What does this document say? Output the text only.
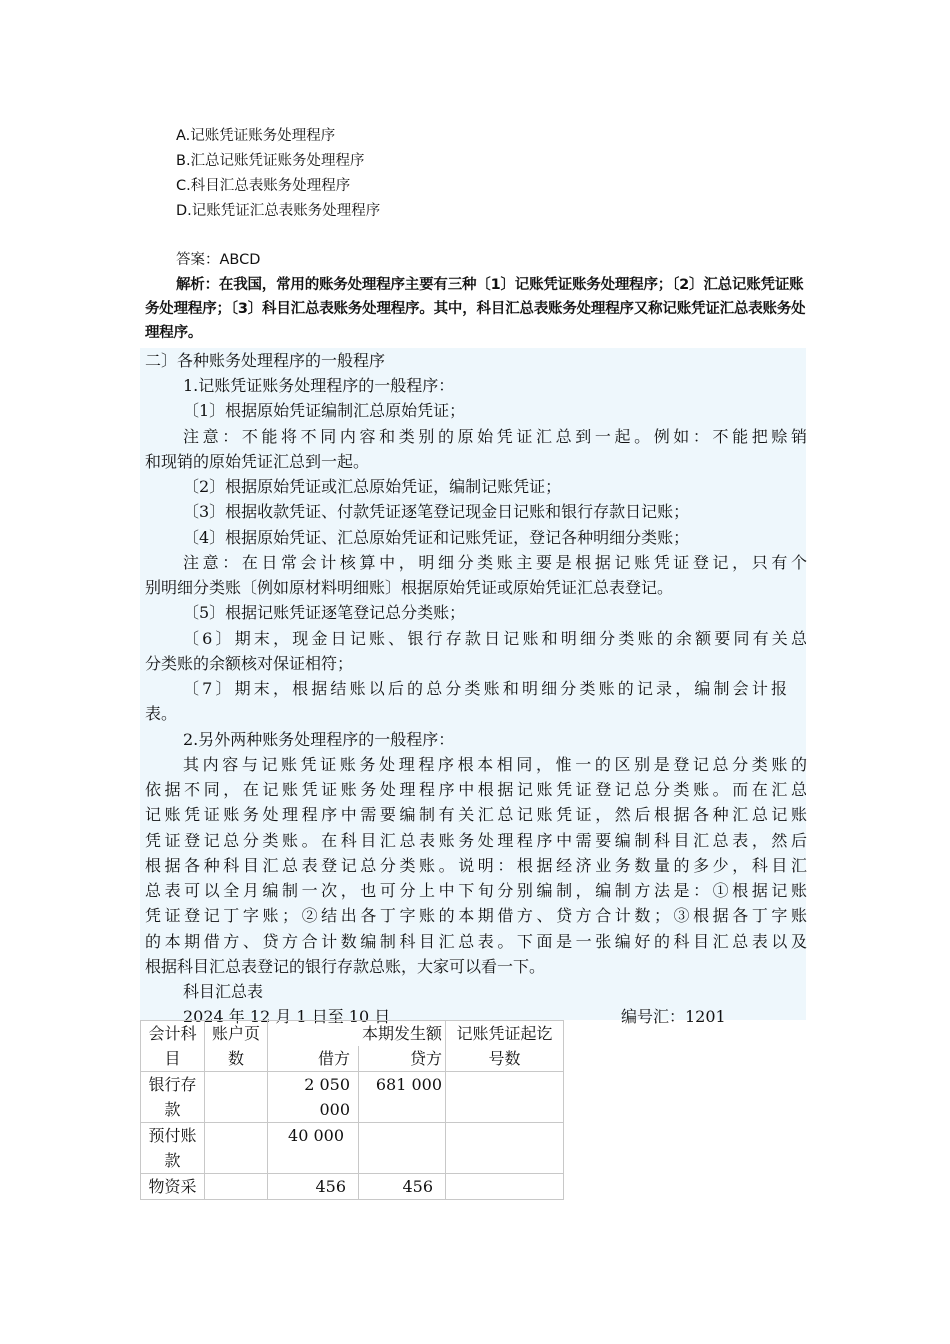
A.记账凭证账务处理程序
B.汇总记账凭证账务处理程序
C.科目汇总表账务处理程序
D.记账凭证汇总表账务处理程序
答案：ABCD

解析：在我国，常用的账务处理程序主要有三种〔1〕记账凭证账务处理程序；〔2〕汇总记账凭证账务处理程序；〔3〕科目汇总表账务处理程序。其中，科目汇总表账务处理程序又称记账凭证汇总表账务处理程序。

二〕各种账务处理程序的一般程序
1.记账凭证账务处理程序的一般程序：
〔1〕根据原始凭证编制汇总原始凭证；
注意：不能将不同内容和类别的原始凭证汇总到一起。例如：不能把赊销
和现销的原始凭证汇总到一起。
〔2〕根据原始凭证或汇总原始凭证，编制记账凭证；
〔3〕根据收款凭证、付款凭证逐笔登记现金日记账和银行存款日记账；
〔4〕根据原始凭证、汇总原始凭证和记账凭证，登记各种明细分类账；
注意：在日常会计核算中，明细分类账主要是根据记账凭证登记，只有个
别明细分类账〔例如原材料明细账〕根据原始凭证或原始凭证汇总表登记。
〔5〕根据记账凭证逐笔登记总分类账；
〔6〕期末，现金日记账、银行存款日记账和明细分类账的余额要同有关总
分类账的余额核对保证相符；
〔7〕期末，根据结账以后的总分类账和明细分类账的记录，编制会计报
表。
2.另外两种账务处理程序的一般程序：
其内容与记账凭证账务处理程序根本相同，惟一的区别是登记总分类账的
依据不同，在记账凭证账务处理程序中根据记账凭证登记总分类账。而在汇总
记账凭证账务处理程序中需要编制有关汇总记账凭证，然后根据各种汇总记账
凭证登记总分类账。在科目汇总表账务处理程序中需要编制科目汇总表，然后
根据各种科目汇总表登记总分类账。说明：根据经济业务数量的多少，科目汇
总表可以全月编制一次，也可分上中下旬分别编制，编制方法是：①根据记账
凭证登记丁字账；②结出各丁字账的本期借方、贷方合计数；③根据各丁字账
的本期借方、贷方合计数编制科目汇总表。下面是一张编好的科目汇总表以及
根据科目汇总表登记的银行存款总账，大家可以看一下。
科目汇总表
2024 年 12 月 1 日至 10 日	编号汇：1201
会计科目	账户页数	本期发生额		记账凭证起讫号数
		借方	贷方	
银行存款		2 050 000	681 000	
预付账款		40 000		
物资采		456	456	
